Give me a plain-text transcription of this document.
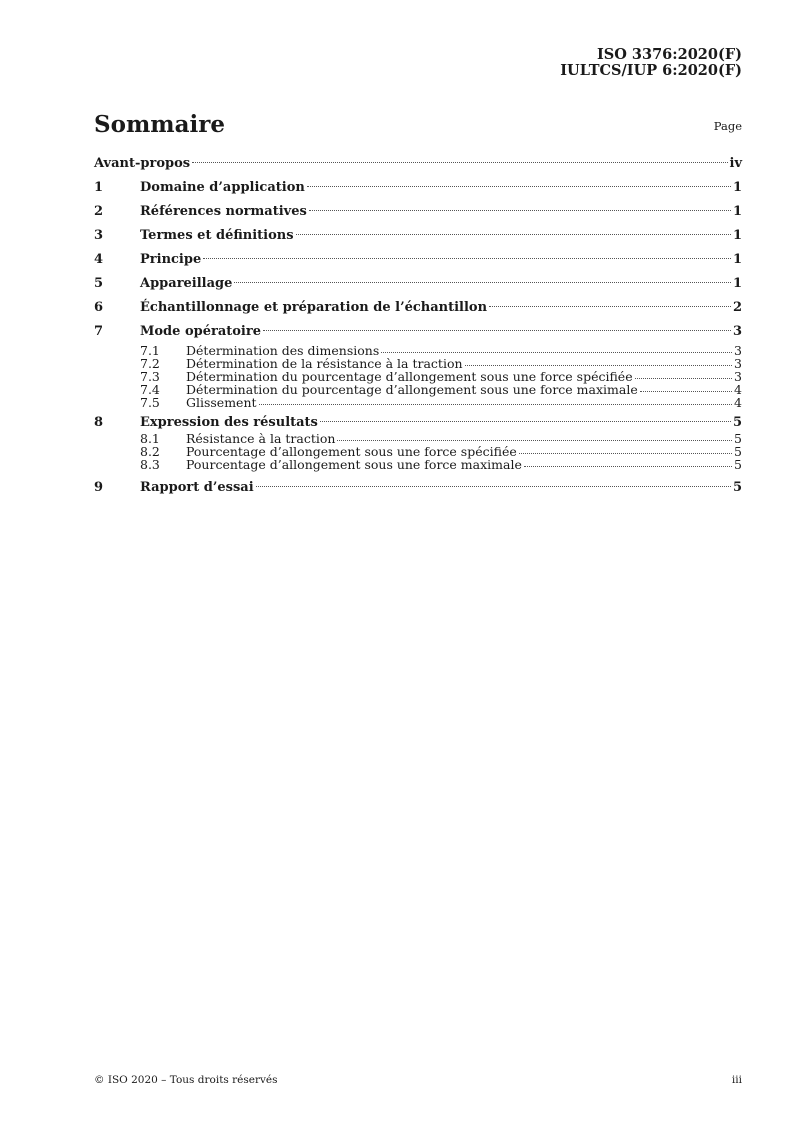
ISO 3376:2020(F)
IULTCS/IUP 6:2020(F)
Sommaire	Page
Avant-propos	iv
1	Domaine d’application	1
2	Références normatives	1
3	Termes et définitions	1
4	Principe	1
5	Appareillage	1
6	Échantillonnage et préparation de l’échantillon	2
7	Mode opératoire	3
7.1	Détermination des dimensions	3
7.2	Détermination de la résistance à la traction	3
7.3	Détermination du pourcentage d’allongement sous une force spécifiée	3
7.4	Détermination du pourcentage d’allongement sous une force maximale	4
7.5	Glissement	4
8	Expression des résultats	5
8.1	Résistance à la traction	5
8.2	Pourcentage d’allongement sous une force spécifiée	5
8.3	Pourcentage d’allongement sous une force maximale	5
9	Rapport d’essai	5
© ISO 2020 – Tous droits réservés	iii
